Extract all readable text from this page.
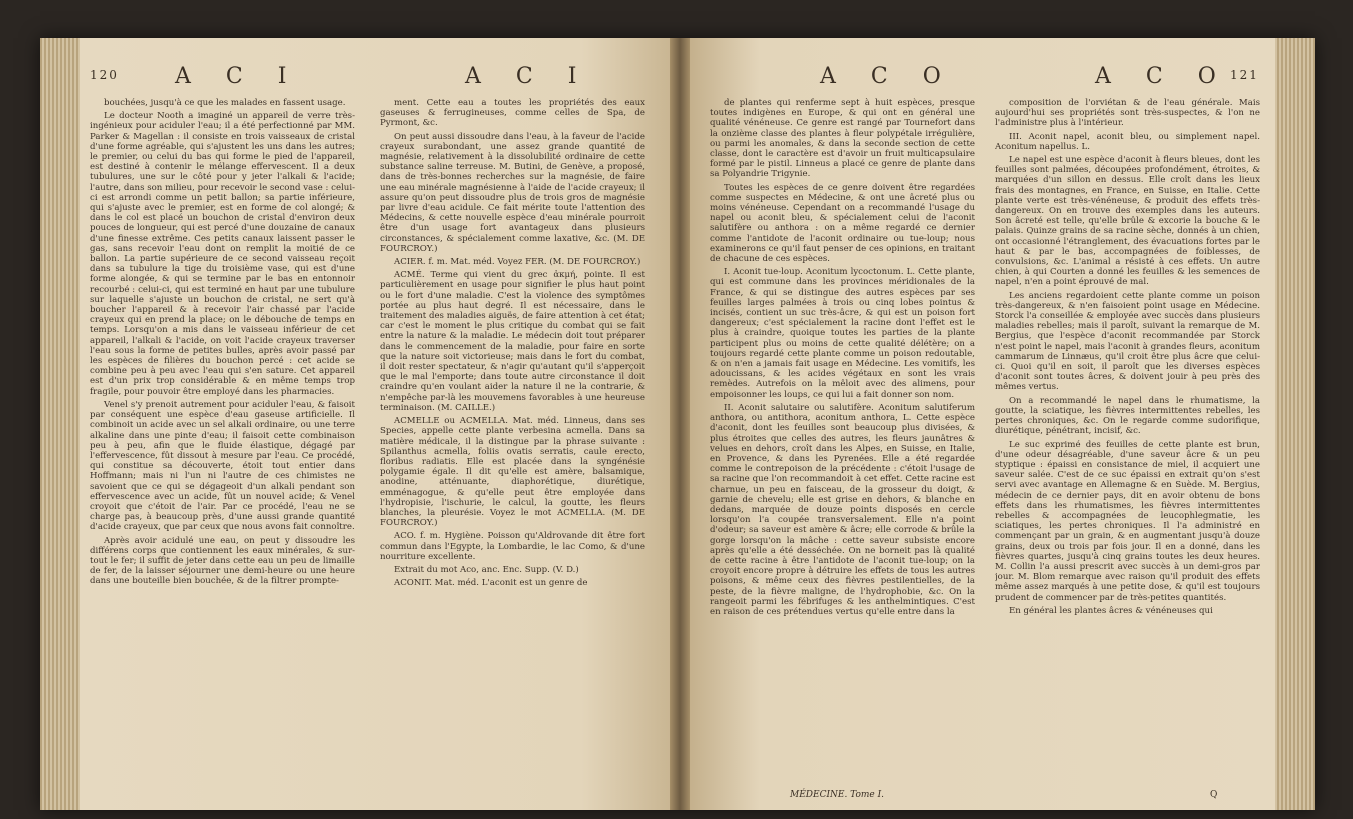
120	A C I	A C I

bouchées, jusqu'à ce que les malades en fassent usage.

Le docteur Nooth a imaginé un appareil de verre très-ingénieux pour aciduler l'eau; il a été perfectionné par MM. Parker & Magellan : il consiste en trois vaisseaux de cristal d'une forme agréable, qui s'ajustent les uns dans les autres; le premier, ou celui du bas qui forme le pied de l'appareil, est destiné à contenir le mélange effervescent. Il a deux tubulures, une sur le côté pour y jeter l'alkali & l'acide; l'autre, dans son milieu, pour recevoir le second vase : celui-ci est arrondi comme un petit ballon; sa partie inférieure, qui s'ajuste avec le premier, est en forme de col alongé; & dans le col est placé un bouchon de cristal d'environ deux pouces de longueur, qui est percé d'une douzaine de canaux d'une finesse extrême. Ces petits canaux laissent passer le gas, sans recevoir l'eau dont on remplit la moitié de ce ballon. La partie supérieure de ce second vaisseau reçoit dans sa tubulure la tige du troisième vase, qui est d'une forme alongée, & qui se termine par le bas en entonnoir recourbé : celui-ci, qui est terminé en haut par une tubulure sur laquelle s'ajuste un bouchon de cristal, ne sert qu'à boucher l'appareil & à recevoir l'air chassé par l'acide crayeux qui en prend la place; on le débouche de temps en temps. Lorsqu'on a mis dans le vaisseau inférieur de cet appareil, l'alkali & l'acide, on voit l'acide crayeux traverser l'eau sous la forme de petites bulles, après avoir passé par les espèces de filières du bouchon percé : cet acide se combine peu à peu avec l'eau qui s'en sature. Cet appareil est d'un prix trop considérable & en même temps trop fragile, pour pouvoir être employé dans les pharmacies.

Venel s'y prenoit autrement pour aciduler l'eau, & faisoit par conséquent une espèce d'eau gaseuse artificielle. Il combinoit un acide avec un sel alkali ordinaire, ou une terre alkaline dans une pinte d'eau; il faisoit cette combinaison peu à peu, afin que le fluide élastique, dégagé par l'effervescence, fût dissout à mesure par l'eau. Ce procédé, qui constitue sa découverte, étoit tout entier dans Hoffmann; mais ni l'un ni l'autre de ces chimistes ne savoient que ce qui se dégageoit d'un alkali pendant son effervescence avec un acide, fût un nouvel acide; & Venel croyoit que c'étoit de l'air. Par ce procédé, l'eau ne se charge pas, à beaucoup près, d'une aussi grande quantité d'acide crayeux, que par ceux que nous avons fait connoître.

Après avoir acidulé une eau, on peut y dissoudre les différens corps que contiennent les eaux minérales, & sur-tout le fer; il suffit de jeter dans cette eau un peu de limaille de fer, de la laisser séjourner une demi-heure ou une heure dans une bouteille bien bouchée, & de la filtrer prompte-

ment. Cette eau a toutes les propriétés des eaux gaseuses & ferrugineuses, comme celles de Spa, de Pyrmont, &c.

On peut aussi dissoudre dans l'eau, à la faveur de l'acide crayeux surabondant, une assez grande quantité de magnésie, relativement à la dissolubilité ordinaire de cette substance saline terreuse. M. Butini, de Genève, a proposé, dans de très-bonnes recherches sur la magnésie, de faire une eau minérale magnésienne à l'aide de l'acide crayeux; il assure qu'on peut dissoudre plus de trois gros de magnésie par livre d'eau acidule. Ce fait mérite toute l'attention des Médecins, & cette nouvelle espèce d'eau minérale pourroit être d'un usage fort avantageux dans plusieurs circonstances, & spécialement comme laxative, &c. (M. DE FOURCROY.)

ACIER. f. m. Mat. méd. Voyez FER. (M. DE FOURCROY.)

ACMÉ. Terme qui vient du grec ἀκμή, pointe. Il est particulièrement en usage pour signifier le plus haut point ou le fort d'une maladie. C'est la violence des symptômes portée au plus haut degré. Il est nécessaire, dans le traitement des maladies aiguës, de faire attention à cet état; car c'est le moment le plus critique du combat qui se fait entre la nature & la maladie. Le médecin doit tout préparer dans le commencement de la maladie, pour faire en sorte que la nature soit victorieuse; mais dans le fort du combat, il doit rester spectateur, & n'agir qu'autant qu'il s'apperçoit que le mal l'emporte; dans toute autre circonstance il doit craindre qu'en voulant aider la nature il ne la contrarie, & n'empêche par-là les mouvemens favorables à une heureuse terminaison. (M. CAILLE.)

ACMELLE ou ACMELLA. Mat. méd. Linneus, dans ses Species, appelle cette plante verbesina acmella. Dans sa matière médicale, il la distingue par la phrase suivante : Spilanthus acmella, foliis ovatis serratis, caule erecto, floribus radiatis. Elle est placée dans la syngénésie polygamie égale. Il dit qu'elle est amère, balsamique, anodine, atténuante, diaphorétique, diurétique, emménagogue, & qu'elle peut être employée dans l'hydropisie, l'ischurie, le calcul, la goutte, les fleurs blanches, la pleurésie. Voyez le mot ACMELLA. (M. DE FOURCROY.)

ACO. f. m. Hygiène. Poisson qu'Aldrovande dit être fort commun dans l'Egypte, la Lombardie, le lac Como, & d'une nourriture excellente.

Extrait du mot Aco, anc. Enc. Supp. (V. D.)

ACONIT. Mat. méd. L'aconit est un genre de

A C O	A C O 121

de plantes qui renferme sept à huit espèces, presque toutes indigènes en Europe, & qui ont en général une qualité vénéneuse. Ce genre est rangé par Tournefort dans la onzième classe des plantes à fleur polypétale irrégulière, ou parmi les anomales, & dans la seconde section de cette classe, dont le caractère est d'avoir un fruit multicapsulaire formé par le pistil. Linneus a placé ce genre de plante dans sa Polyandrie Trigynie.

Toutes les espèces de ce genre doivent être regardées comme suspectes en Médecine, & ont une âcreté plus ou moins vénéneuse. Cependant on a recommandé l'usage du napel ou aconit bleu, & spécialement celui de l'aconit salutifère ou anthora : on a même regardé ce dernier comme l'antidote de l'aconit ordinaire ou tue-loup; nous examinerons ce qu'il faut penser de ces opinions, en traitant de chacune de ces espèces.

I. Aconit tue-loup. Aconitum lycoctonum. L. Cette plante, qui est commune dans les provinces méridionales de la France, & qui se distingue des autres espèces par ses feuilles larges palmées à trois ou cinq lobes pointus & incisés, contient un suc très-âcre, & qui est un poison fort dangereux; c'est spécialement la racine dont l'effet est le plus à craindre, quoique toutes les parties de la plante participent plus ou moins de cette qualité délétère; on a toujours regardé cette plante comme un poison redoutable, & on n'en a jamais fait usage en Médecine. Les vomitifs, les adoucissans, & les acides végétaux en sont les vrais remèdes. Autrefois on la mêloit avec des alimens, pour empoisonner les loups, ce qui lui a fait donner son nom.

II. Aconit salutaire ou salutifère. Aconitum salutiferum anthora, ou antithora, aconitum anthora, L. Cette espèce d'aconit, dont les feuilles sont beaucoup plus divisées, & plus étroites que celles des autres, les fleurs jaunâtres & velues en dehors, croît dans les Alpes, en Suisse, en Italie, en Provence, & dans les Pyrenées. Elle a été regardée comme le contrepoison de la précédente : c'étoit l'usage de sa racine que l'on recommandoit à cet effet. Cette racine est charnue, un peu en faisceau, de la grosseur du doigt, & garnie de chevelu; elle est grise en dehors, & blanche en dedans, marquée de douze points disposés en cercle lorsqu'on l'a coupée transversalement. Elle n'a point d'odeur; sa saveur est amère & âcre; elle corrode & brûle la gorge lorsqu'on la mâche : cette saveur subsiste encore après qu'elle a été desséchée. On ne borneit pas là qualité de cette racine à être l'antidote de l'aconit tue-loup; on la croyoit encore propre à détruire les effets de tous les autres poisons, & même ceux des fièvres pestilentielles, de la peste, de la fièvre maligne, de l'hydrophobie, &c. On la rangeoit parmi les fébrifuges & les anthelmintiques. C'est en raison de ces prétendues vertus qu'elle entre dans la

MÉDECINE. Tome I.

composition de l'orviétan & de l'eau générale. Mais aujourd'hui ses propriétés sont très-suspectes, & l'on ne l'administre plus à l'intérieur.

III. Aconit napel, aconit bleu, ou simplement napel. Aconitum napellus. L.

Le napel est une espèce d'aconit à fleurs bleues, dont les feuilles sont palmées, découpées profondément, étroites, & marquées d'un sillon en dessus. Elle croît dans les lieux frais des montagnes, en France, en Suisse, en Italie. Cette plante verte est très-vénéneuse, & produit des effets très-dangereux. On en trouve des exemples dans les auteurs. Son âcreté est telle, qu'elle brûle & excorie la bouche & le palais. Quinze grains de sa racine sèche, donnés à un chien, ont occasionné l'étranglement, des évacuations fortes par le haut & par le bas, accompagnées de foiblesses, de convulsions, &c. L'animal a résisté à ces effets. Un autre chien, à qui Courten a donné les feuilles & les semences de napel, n'en a point éprouvé de mal.

Les anciens regardoient cette plante comme un poison très-dangereux, & n'en faisoient point usage en Médecine. Storck l'a conseillée & employée avec succès dans plusieurs maladies rebelles; mais il paroît, suivant la remarque de M. Bergius, que l'espèce d'aconit recommandée par Storck n'est point le napel, mais l'aconit à grandes fleurs, aconitum cammarum de Linnæus, qu'il croit être plus âcre que celui-ci. Quoi qu'il en soit, il paroît que les diverses espèces d'aconit sont toutes âcres, & doivent jouir à peu près des mêmes vertus.

On a recommandé le napel dans le rhumatisme, la goutte, la sciatique, les fièvres intermittentes rebelles, les pertes chroniques, &c. On le regarde comme sudorifique, diurétique, pénétrant, incisif, &c.

Le suc exprimé des feuilles de cette plante est brun, d'une odeur désagréable, d'une saveur âcre & un peu styptique : épaissi en consistance de miel, il acquiert une saveur salée. C'est de ce suc épaissi en extrait qu'on s'est servi avec avantage en Allemagne & en Suède. M. Bergius, médecin de ce dernier pays, dit en avoir obtenu de bons effets dans les rhumatismes, les fièvres intermittentes rebelles & accompagnées de leucophlegmatie, les sciatiques, les pertes chroniques. Il l'a administré en commençant par un grain, & en augmentant jusqu'à douze grains, deux ou trois par fois jour. Il en a donné, dans les fièvres quartes, jusqu'à cinq grains toutes les deux heures. M. Collin l'a aussi prescrit avec succès à un demi-gros par jour. M. Blom remarque avec raison qu'il produit des effets même assez marqués à une petite dose, & qu'il est toujours prudent de commencer par de très-petites quantités.

En général les plantes âcres & vénéneuses qui

Q
